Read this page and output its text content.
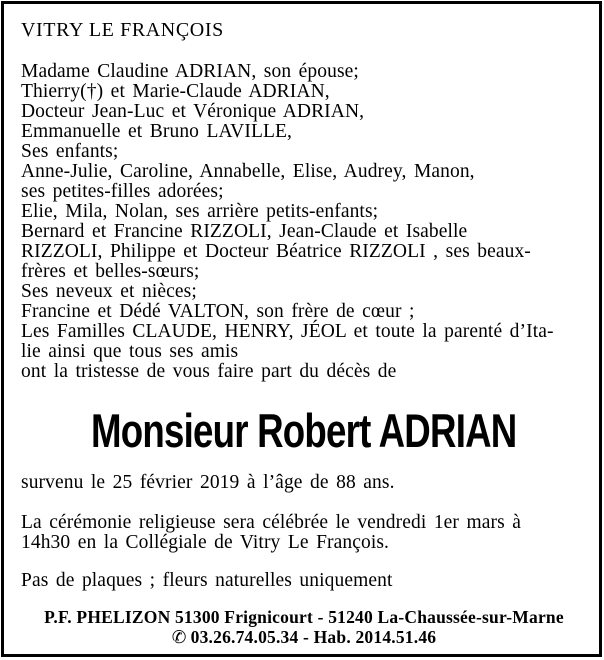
VITRY LE FRANÇOIS
Madame Claudine ADRIAN, son épouse;
Thierry(†) et Marie-Claude ADRIAN,
Docteur Jean-Luc et Véronique ADRIAN,
Emmanuelle et Bruno LAVILLE,
Ses enfants;
Anne-Julie, Caroline, Annabelle, Elise, Audrey, Manon,
ses petites-filles adorées;
Elie, Mila, Nolan, ses arrière petits-enfants;
Bernard et Francine RIZZOLI, Jean-Claude et Isabelle
RIZZOLI, Philippe et Docteur Béatrice RIZZOLI , ses beaux-
frères et belles-sœurs;
Ses neveux et nièces;
Francine et Dédé VALTON, son frère de cœur ;
Les Familles CLAUDE, HENRY, JÉOL et toute la parenté d’Ita-
lie ainsi que tous ses amis
ont la tristesse de vous faire part du décès de
Monsieur Robert ADRIAN
survenu le 25 février 2019 à l’âge de 88 ans.
La cérémonie religieuse sera célébrée le vendredi 1er mars à
14h30 en la Collégiale de Vitry Le François.
Pas de plaques ; fleurs naturelles uniquement
P.F. PHELIZON 51300 Frignicourt - 51240 La-Chaussée-sur-Marne
✆ 03.26.74.05.34 - Hab. 2014.51.46
